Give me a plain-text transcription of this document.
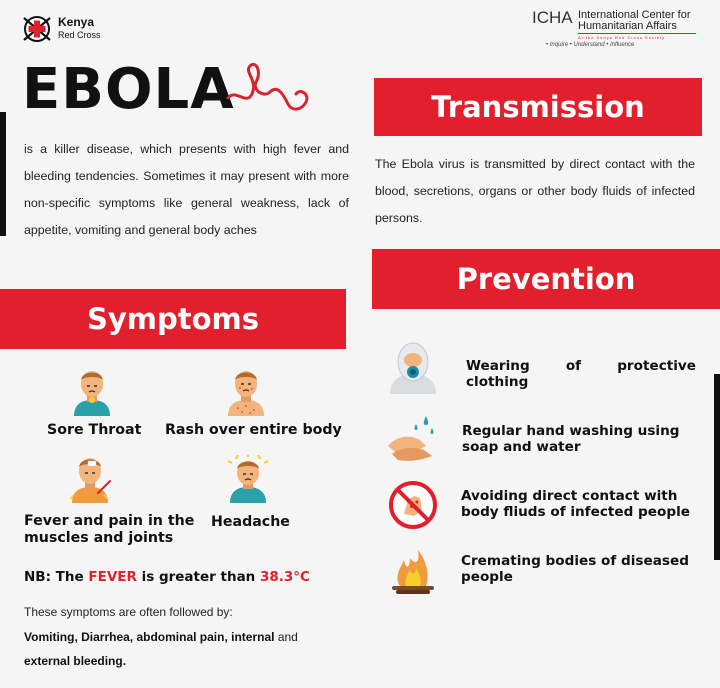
Kenya
Red Cross
ICHA International Center for
Humanitarian Affairs
At the Kenya Red Cross Society
• Inquire • Understand • Influence
EBOLA
is a killer disease, which presents with high fever and bleeding tendencies. Sometimes it may present with more non-specific symptoms like general weakness, lack of appetite, vomiting and general body aches
Transmission
The Ebola virus is transmitted by direct contact with the blood, secretions, organs or other body fluids of infected persons.
Symptoms
Sore Throat Rash over entire body
Fever and pain in the
muscles and joints
Headache
NB: The FEVER is greater than 38.3°C
These symptoms are often followed by:
Vomiting, Diarrhea, abdominal pain, internal and
external bleeding.
Prevention
Wearing of protective clothing
Regular hand washing using
soap and water
Avoiding direct contact with
body fliuds of infected people
Cremating bodies of diseased
people
